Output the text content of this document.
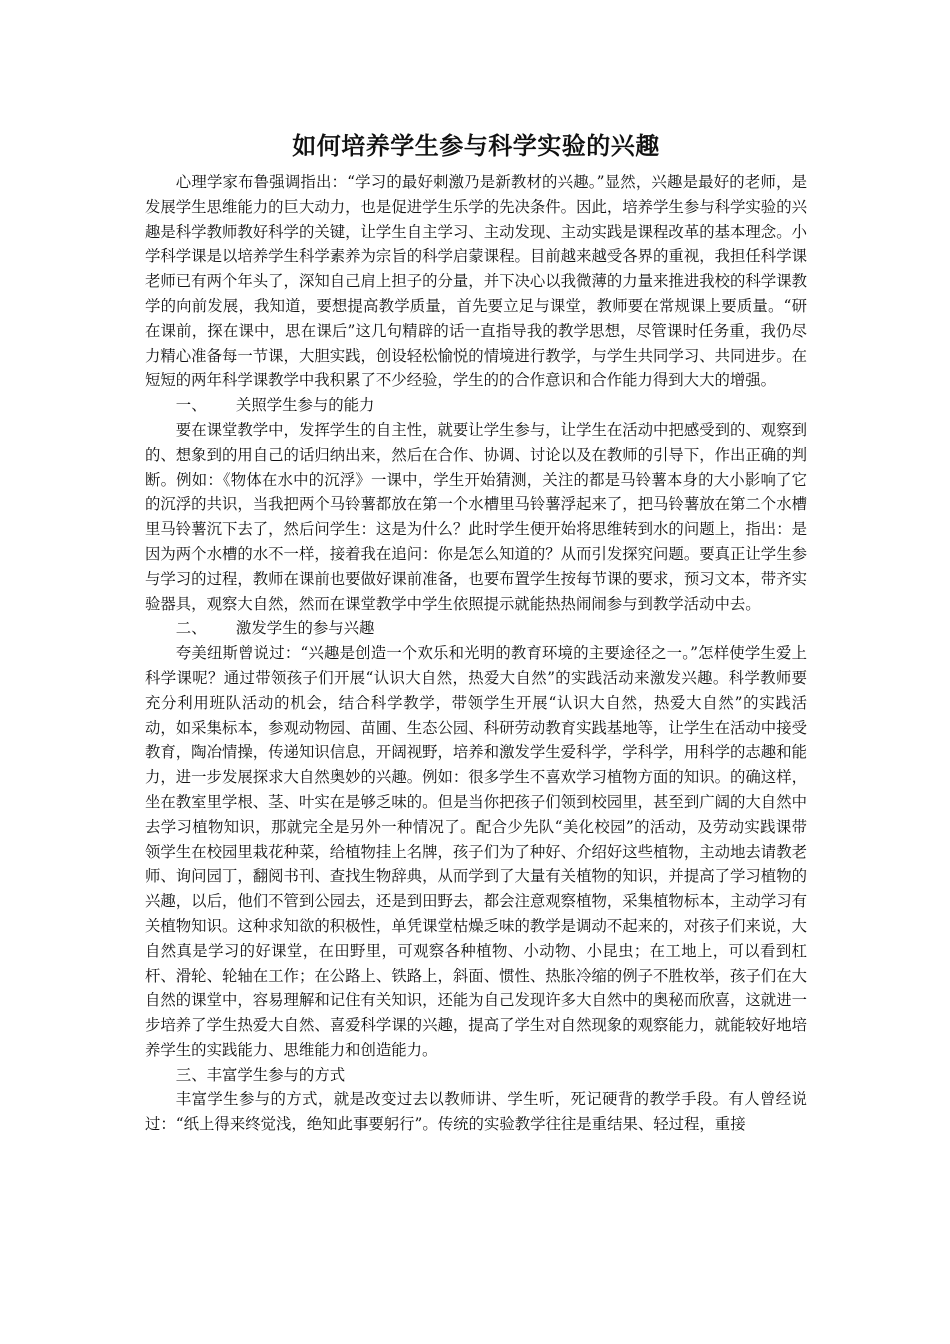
如何培养学生参与科学实验的兴趣

心理学家布鲁强调指出：“学习的最好刺激乃是新教材的兴趣。”显然，兴趣是最好的老师，是发展学生思维能力的巨大动力，也是促进学生乐学的先决条件。因此，培养学生参与科学实验的兴趣是科学教师教好科学的关键，让学生自主学习、主动发现、主动实践是课程改革的基本理念。小学科学课是以培养学生科学素养为宗旨的科学启蒙课程。目前越来越受各界的重视，我担任科学课老师已有两个年头了，深知自己肩上担子的分量，并下决心以我微薄的力量来推进我校的科学课教学的向前发展，我知道，要想提高教学质量，首先要立足与课堂，教师要在常规课上要质量。“研在课前，探在课中，思在课后”这几句精辟的话一直指导我的教学思想，尽管课时任务重，我仍尽力精心准备每一节课，大胆实践，创设轻松愉悦的情境进行教学，与学生共同学习、共同进步。在短短的两年科学课教学中我积累了不少经验，学生的的合作意识和合作能力得到大大的增强。

一、      关照学生参与的能力

要在课堂教学中，发挥学生的自主性，就要让学生参与，让学生在活动中把感受到的、观察到的、想象到的用自己的话归纳出来，然后在合作、协调、讨论以及在教师的引导下，作出正确的判断。例如：《物体在水中的沉浮》一课中，学生开始猜测，关注的都是马铃薯本身的大小影响了它的沉浮的共识，当我把两个马铃薯都放在第一个水槽里马铃薯浮起来了，把马铃薯放在第二个水槽里马铃薯沉下去了，然后问学生：这是为什么？此时学生便开始将思维转到水的问题上，指出：是因为两个水槽的水不一样，接着我在追问：你是怎么知道的？从而引发探究问题。要真正让学生参与学习的过程，教师在课前也要做好课前准备，也要布置学生按每节课的要求，预习文本，带齐实验器具，观察大自然，然而在课堂教学中学生依照提示就能热热闹闹参与到教学活动中去。

二、      激发学生的参与兴趣

夸美纽斯曾说过：“兴趣是创造一个欢乐和光明的教育环境的主要途径之一。”怎样使学生爱上科学课呢？通过带领孩子们开展“认识大自然，热爱大自然”的实践活动来激发兴趣。科学教师要充分利用班队活动的机会，结合科学教学，带领学生开展“认识大自然，热爱大自然”的实践活动，如采集标本，参观动物园、苗圃、生态公园、科研劳动教育实践基地等，让学生在活动中接受教育，陶冶情操，传递知识信息，开阔视野，培养和激发学生爱科学，学科学，用科学的志趣和能力，进一步发展探求大自然奥妙的兴趣。例如：很多学生不喜欢学习植物方面的知识。的确这样，坐在教室里学根、茎、叶实在是够乏味的。但是当你把孩子们领到校园里，甚至到广阔的大自然中去学习植物知识，那就完全是另外一种情况了。配合少先队“美化校园”的活动，及劳动实践课带领学生在校园里栽花种菜，给植物挂上名牌，孩子们为了种好、介绍好这些植物，主动地去请教老师、询问园丁，翻阅书刊、查找生物辞典，从而学到了大量有关植物的知识，并提高了学习植物的兴趣，以后，他们不管到公园去，还是到田野去，都会注意观察植物，采集植物标本，主动学习有关植物知识。这种求知欲的积极性，单凭课堂枯燥乏味的教学是调动不起来的，对孩子们来说，大自然真是学习的好课堂，在田野里，可观察各种植物、小动物、小昆虫；在工地上，可以看到杠杆、滑轮、轮轴在工作；在公路上、铁路上，斜面、惯性、热胀冷缩的例子不胜枚举，孩子们在大自然的课堂中，容易理解和记住有关知识，还能为自己发现许多大自然中的奥秘而欣喜，这就进一步培养了学生热爱大自然、喜爱科学课的兴趣，提高了学生对自然现象的观察能力，就能较好地培养学生的实践能力、思维能力和创造能力。

三、丰富学生参与的方式

丰富学生参与的方式，就是改变过去以教师讲、学生听，死记硬背的教学手段。有人曾经说过：“纸上得来终觉浅，绝知此事要躬行”。传统的实验教学往往是重结果、轻过程，重接
